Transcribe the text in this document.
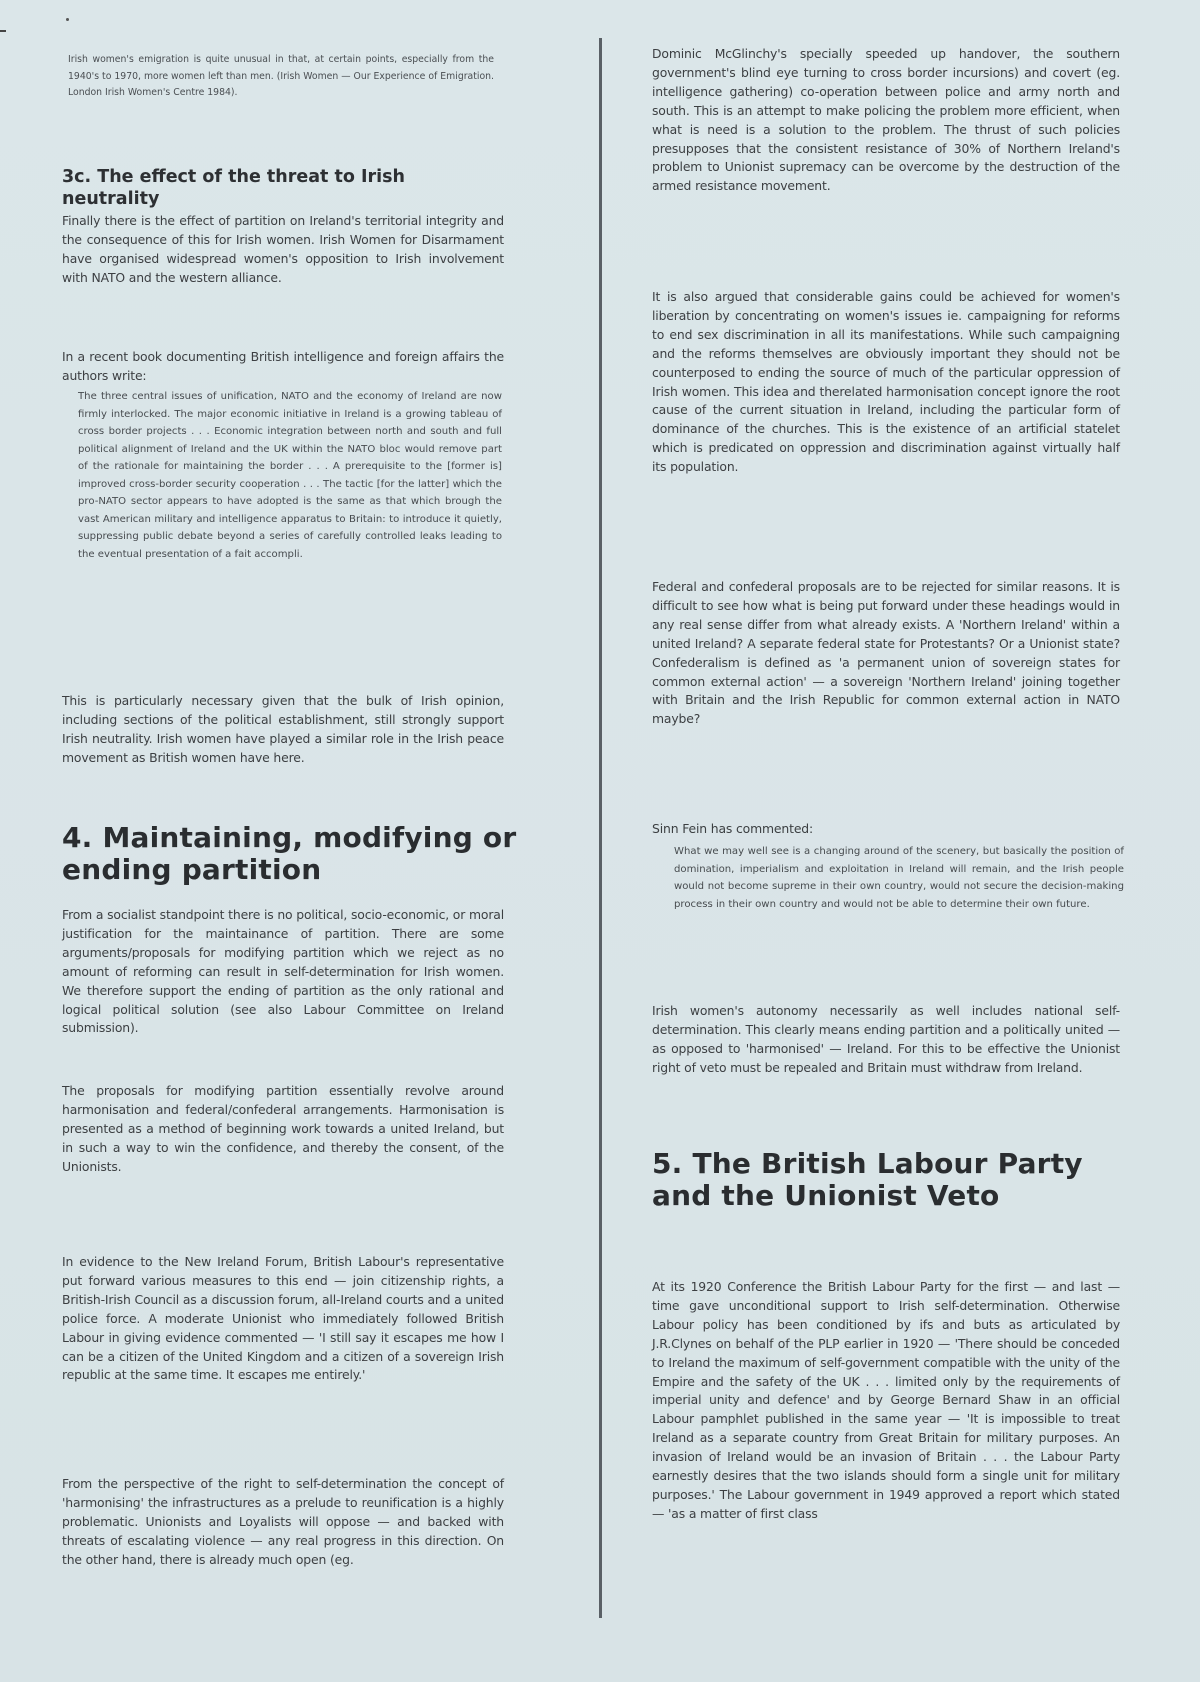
Irish women's emigration is quite unusual in that, at certain points, especially from the 1940's to 1970, more women left than men. (Irish Women — Our Experience of Emigration. London Irish Women's Centre 1984).

3c. The effect of the threat to Irish neutrality

Finally there is the effect of partition on Ireland's territorial integrity and the consequence of this for Irish women. Irish Women for Disarmament have organised widespread women's opposition to Irish involvement with NATO and the western alliance.

In a recent book documenting British intelligence and foreign affairs the authors write:

The three central issues of unification, NATO and the economy of Ireland are now firmly interlocked. The major economic initiative in Ireland is a growing tableau of cross border projects . . . Economic integration between north and south and full political alignment of Ireland and the UK within the NATO bloc would remove part of the rationale for maintaining the border . . . A prerequisite to the [former is] improved cross-border security cooperation . . . The tactic [for the latter] which the pro-NATO sector appears to have adopted is the same as that which brough the vast American military and intelligence apparatus to Britain: to introduce it quietly, suppressing public debate beyond a series of carefully controlled leaks leading to the eventual presentation of a fait accompli.

This is particularly necessary given that the bulk of Irish opinion, including sections of the political establishment, still strongly support Irish neutrality. Irish women have played a similar role in the Irish peace movement as British women have here.

4. Maintaining, modifying or ending partition

From a socialist standpoint there is no political, socio-economic, or moral justification for the maintainance of partition. There are some arguments/proposals for modifying partition which we reject as no amount of reforming can result in self-determination for Irish women. We therefore support the ending of partition as the only rational and logical political solution (see also Labour Committee on Ireland submission).

The proposals for modifying partition essentially revolve around harmonisation and federal/confederal arrangements. Harmonisation is presented as a method of beginning work towards a united Ireland, but in such a way to win the confidence, and thereby the consent, of the Unionists.

In evidence to the New Ireland Forum, British Labour's representative put forward various measures to this end — join citizenship rights, a British-Irish Council as a discussion forum, all-Ireland courts and a united police force. A moderate Unionist who immediately followed British Labour in giving evidence commented — 'I still say it escapes me how I can be a citizen of the United Kingdom and a citizen of a sovereign Irish republic at the same time. It escapes me entirely.'

From the perspective of the right to self-determination the concept of 'harmonising' the infrastructures as a prelude to reunification is a highly problematic. Unionists and Loyalists will oppose — and backed with threats of escalating violence — any real progress in this direction. On the other hand, there is already much open (eg.

Dominic McGlinchy's specially speeded up handover, the southern government's blind eye turning to cross border incursions) and covert (eg. intelligence gathering) co-operation between police and army north and south. This is an attempt to make policing the problem more efficient, when what is need is a solution to the problem. The thrust of such policies presupposes that the consistent resistance of 30% of Northern Ireland's problem to Unionist supremacy can be overcome by the destruction of the armed resistance movement.

It is also argued that considerable gains could be achieved for women's liberation by concentrating on women's issues ie. campaigning for reforms to end sex discrimination in all its manifestations. While such campaigning and the reforms themselves are obviously important they should not be counterposed to ending the source of much of the particular oppression of Irish women. This idea and therelated harmonisation concept ignore the root cause of the current situation in Ireland, including the particular form of dominance of the churches. This is the existence of an artificial statelet which is predicated on oppression and discrimination against virtually half its population.

Federal and confederal proposals are to be rejected for similar reasons. It is difficult to see how what is being put forward under these headings would in any real sense differ from what already exists. A 'Northern Ireland' within a united Ireland? A separate federal state for Protestants? Or a Unionist state? Confederalism is defined as 'a permanent union of sovereign states for common external action' — a sovereign 'Northern Ireland' joining together with Britain and the Irish Republic for common external action in NATO maybe?

Sinn Fein has commented:

What we may well see is a changing around of the scenery, but basically the position of domination, imperialism and exploitation in Ireland will remain, and the Irish people would not become supreme in their own country, would not secure the decision-making process in their own country and would not be able to determine their own future.

Irish women's autonomy necessarily as well includes national self-determination. This clearly means ending partition and a politically united — as opposed to 'harmonised' — Ireland. For this to be effective the Unionist right of veto must be repealed and Britain must withdraw from Ireland.

5. The British Labour Party and the Unionist Veto

At its 1920 Conference the British Labour Party for the first — and last — time gave unconditional support to Irish self-determination. Otherwise Labour policy has been conditioned by ifs and buts as articulated by J.R.Clynes on behalf of the PLP earlier in 1920 — 'There should be conceded to Ireland the maximum of self-government compatible with the unity of the Empire and the safety of the UK . . . limited only by the requirements of imperial unity and defence' and by George Bernard Shaw in an official Labour pamphlet published in the same year — 'It is impossible to treat Ireland as a separate country from Great Britain for military purposes. An invasion of Ireland would be an invasion of Britain . . . the Labour Party earnestly desires that the two islands should form a single unit for military purposes.' The Labour government in 1949 approved a report which stated — 'as a matter of first class
